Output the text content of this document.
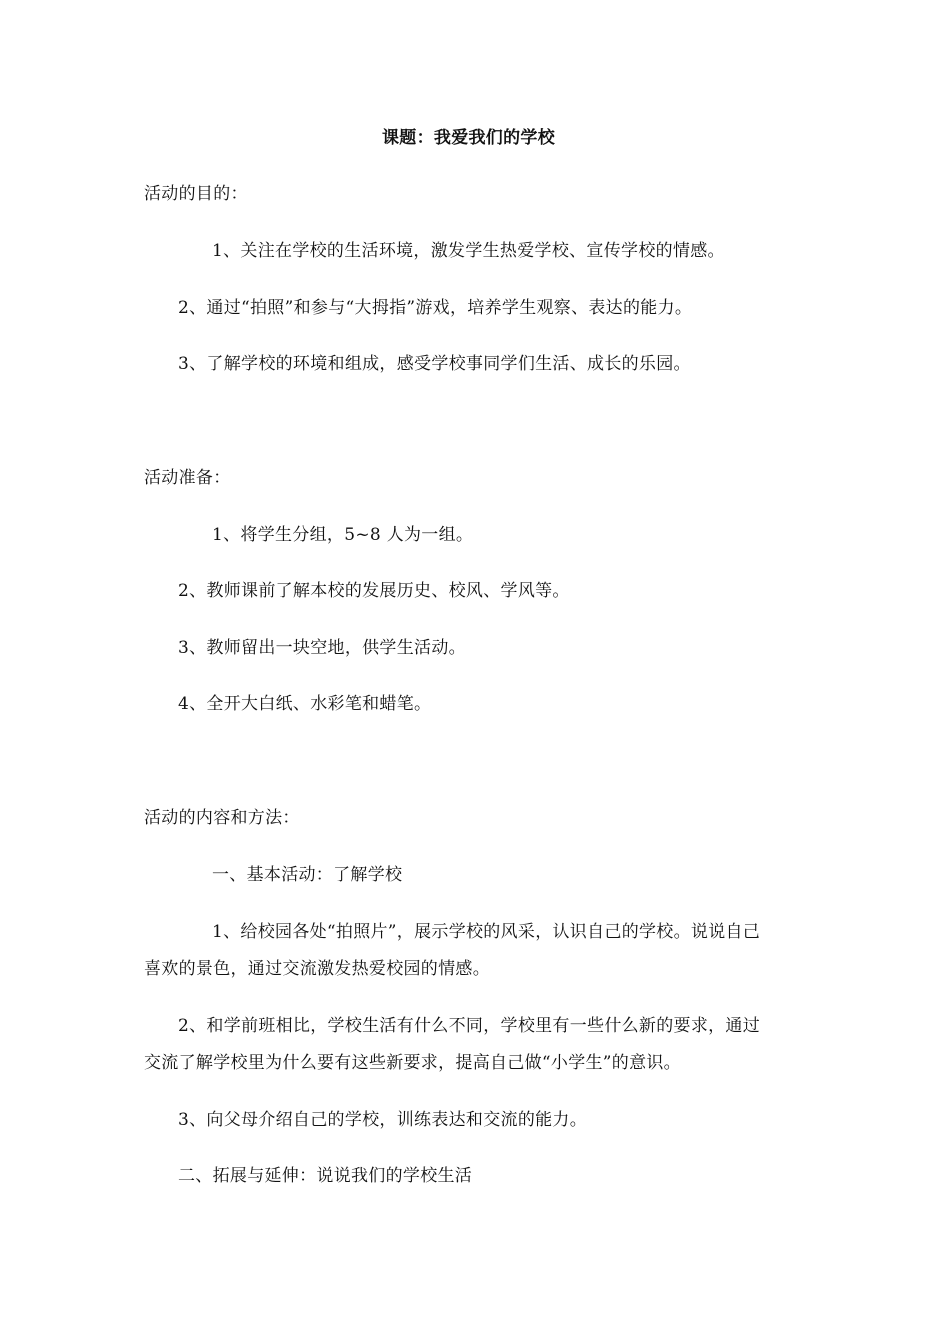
课题：我爱我们的学校
活动的目的：
1、关注在学校的生活环境，激发学生热爱学校、宣传学校的情感。
2、通过“拍照”和参与“大拇指”游戏，培养学生观察、表达的能力。
3、了解学校的环境和组成，感受学校事同学们生活、成长的乐园。
活动准备：
1、将学生分组，5~8 人为一组。
2、教师课前了解本校的发展历史、校风、学风等。
3、教师留出一块空地，供学生活动。
4、全开大白纸、水彩笔和蜡笔。
活动的内容和方法：
一、基本活动：了解学校
1、给校园各处“拍照片”，展示学校的风采，认识自己的学校。说说自己
喜欢的景色，通过交流激发热爱校园的情感。
2、和学前班相比，学校生活有什么不同，学校里有一些什么新的要求，通过
交流了解学校里为什么要有这些新要求，提高自己做“小学生”的意识。
3、向父母介绍自己的学校，训练表达和交流的能力。
二、拓展与延伸：说说我们的学校生活
